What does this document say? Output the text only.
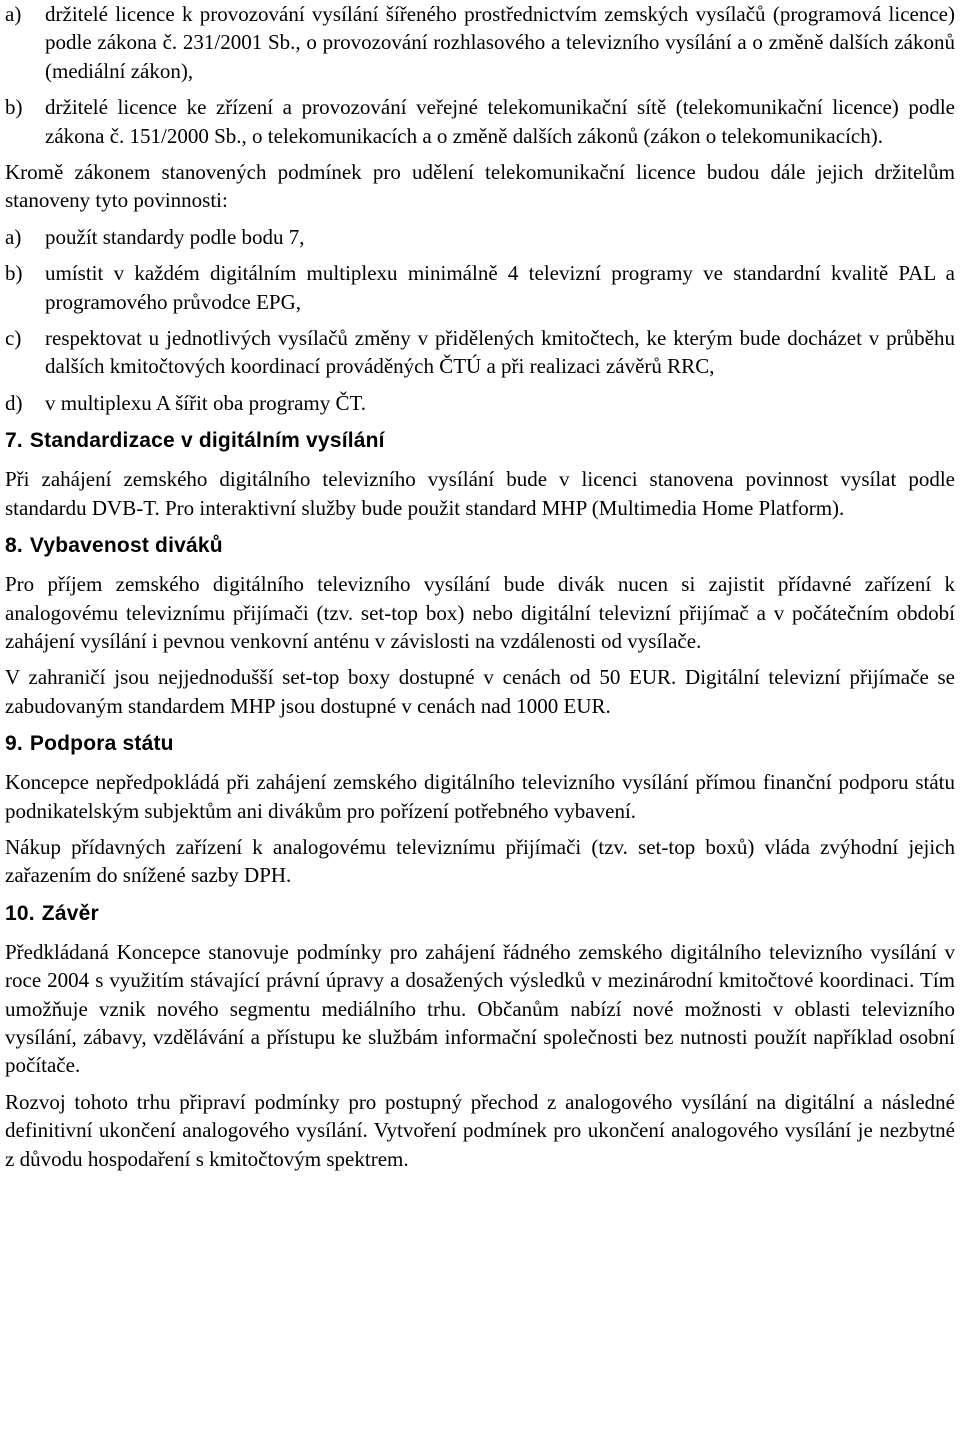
a)	držitelé licence k provozování vysílání šířeného prostřednictvím zemských vysílačů (programová licence) podle zákona č. 231/2001 Sb., o provozování rozhlasového a televizního vysílání a o změně dalších zákonů (mediální zákon),
b)	držitelé licence ke zřízení a provozování veřejné telekomunikační sítě (telekomunikační licence) podle zákona č. 151/2000 Sb., o telekomunikacích a o změně dalších zákonů (zákon o telekomunikacích).

Kromě zákonem stanovených podmínek pro udělení telekomunikační licence budou dále jejich držitelům stanoveny tyto povinnosti:

a)	použít standardy podle bodu 7,
b)	umístit v každém digitálním multiplexu minimálně 4 televizní programy ve standardní kvalitě PAL a programového průvodce EPG,
c)	respektovat u jednotlivých vysílačů změny v přidělených kmitočtech, ke kterým bude docházet v průběhu dalších kmitočtových koordinací prováděných ČTÚ a při realizaci závěrů RRC,
d)	v multiplexu A šířit oba programy ČT.
7. Standardizace v digitálním vysílání

Při zahájení zemského digitálního televizního vysílání bude v licenci stanovena povinnost vysílat podle standardu DVB-T. Pro interaktivní služby bude použit standard MHP (Multimedia Home Platform).

8. Vybavenost diváků

Pro příjem zemského digitálního televizního vysílání bude divák nucen si zajistit přídavné zařízení k analogovému televiznímu přijímači (tzv. set-top box) nebo digitální televizní přijímač a v počátečním období zahájení vysílání i pevnou venkovní anténu v závislosti na vzdálenosti od vysílače.

V zahraničí jsou nejjednodušší set-top boxy dostupné v cenách od 50 EUR. Digitální televizní přijímače se zabudovaným standardem MHP jsou dostupné v cenách nad 1000 EUR.

9. Podpora státu

Koncepce nepředpokládá při zahájení zemského digitálního televizního vysílání přímou finanční podporu státu podnikatelským subjektům ani divákům pro pořízení potřebného vybavení.

Nákup přídavných zařízení k analogovému televiznímu přijímači (tzv. set-top boxů) vláda zvýhodní jejich zařazením do snížené sazby DPH.

10. Závěr

Předkládaná Koncepce stanovuje podmínky pro zahájení řádného zemského digitálního televizního vysílání v roce 2004 s využitím stávající právní úpravy a dosažených výsledků v mezinárodní kmitočtové koordinaci. Tím umožňuje vznik nového segmentu mediálního trhu. Občanům nabízí nové možnosti v oblasti televizního vysílání, zábavy, vzdělávání a přístupu ke službám informační společnosti bez nutnosti použít například osobní počítače.

Rozvoj tohoto trhu připraví podmínky pro postupný přechod z analogového vysílání na digitální a následné definitivní ukončení analogového vysílání. Vytvoření podmínek pro ukončení analogového vysílání je nezbytné z důvodu hospodaření s kmitočtovým spektrem.
